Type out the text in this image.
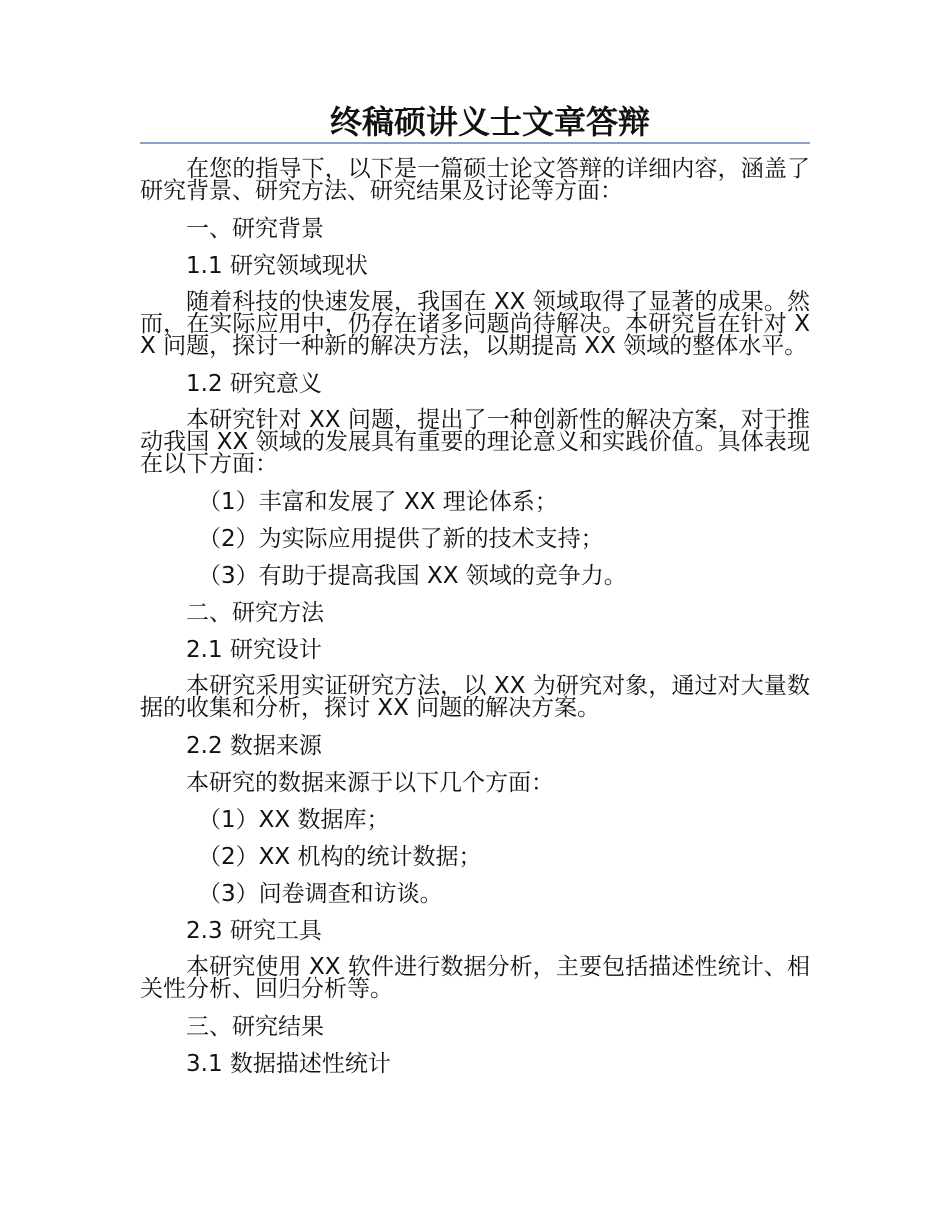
终稿硕讲义士文章答辩

在您的指导下，以下是一篇硕士论文答辩的详细内容，涵盖了研究背景、研究方法、研究结果及讨论等方面：

一、研究背景
1.1 研究领域现状

随着科技的快速发展，我国在 XX 领域取得了显著的成果。然而，在实际应用中，仍存在诸多问题尚待解决。本研究旨在针对 XX 问题，探讨一种新的解决方法，以期提高 XX 领域的整体水平。

1.2 研究意义

本研究针对 XX 问题，提出了一种创新性的解决方案，对于推动我国 XX 领域的发展具有重要的理论意义和实践价值。具体表现在以下方面：

（1）丰富和发展了 XX 理论体系；
（2）为实际应用提供了新的技术支持；
（3）有助于提高我国 XX 领域的竞争力。
二、研究方法
2.1 研究设计

本研究采用实证研究方法，以 XX 为研究对象，通过对大量数据的收集和分析，探讨 XX 问题的解决方案。

2.2 数据来源
本研究的数据来源于以下几个方面：
（1）XX 数据库；
（2）XX 机构的统计数据；
（3）问卷调查和访谈。
2.3 研究工具

本研究使用 XX 软件进行数据分析，主要包括描述性统计、相关性分析、回归分析等。

三、研究结果
3.1 数据描述性统计
